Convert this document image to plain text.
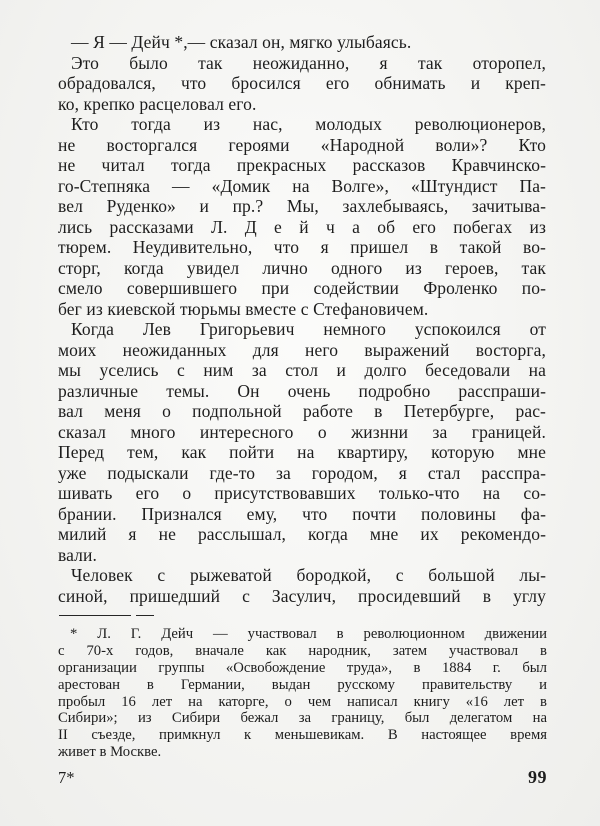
— Я — Дейч *,— сказал он, мягко улыбаясь.
Это было так неожиданно, я так оторопел,
обрадовался, что бросился его обнимать и креп-
ко, крепко расцеловал его.
Кто тогда из нас, молодых революционеров,
не восторгался героями «Народной воли»? Кто
не читал тогда прекрасных рассказов Кравчинско-
го-Степняка — «Домик на Волге», «Штундист Па-
вел Руденко» и пр.? Мы, захлебываясь, зачитыва-
лись рассказами Л. Д е й ч а об его побегах из
тюрем. Неудивительно, что я пришел в такой во-
сторг, когда увидел лично одного из героев, так
смело совершившего при содействии Фроленко по-
бег из киевской тюрьмы вместе с Стефановичем.
Когда Лев Григорьевич немного успокоился от
моих неожиданных для него выражений восторга,
мы уселись с ним за стол и долго беседовали на
различные темы. Он очень подробно расспраши-
вал меня о подпольной работе в Петербурге, рас-
сказал много интересного о жизнни за границей.
Перед тем, как пойти на квартиру, которую мне
уже подыскали где-то за городом, я стал расспра-
шивать его о присутствовавших только-что на со-
брании. Признался ему, что почти половины фа-
милий я не расслышал, когда мне их рекомендо-
вали.
Человек с рыжеватой бородкой, с большой лы-
синой, пришедший с Засулич, просидевший в углу
* Л. Г. Дейч — участвовал в революционном движении
с 70-х годов, вначале как народник, затем участвовал в
организации группы «Освобождение труда», в 1884 г. был
арестован в Германии, выдан русскому правительству и
пробыл 16 лет на каторге, о чем написал книгу «16 лет в
Сибири»; из Сибири бежал за границу, был делегатом на
II съезде, примкнул к меньшевикам. В настоящее время
живет в Москве.
7*	99
